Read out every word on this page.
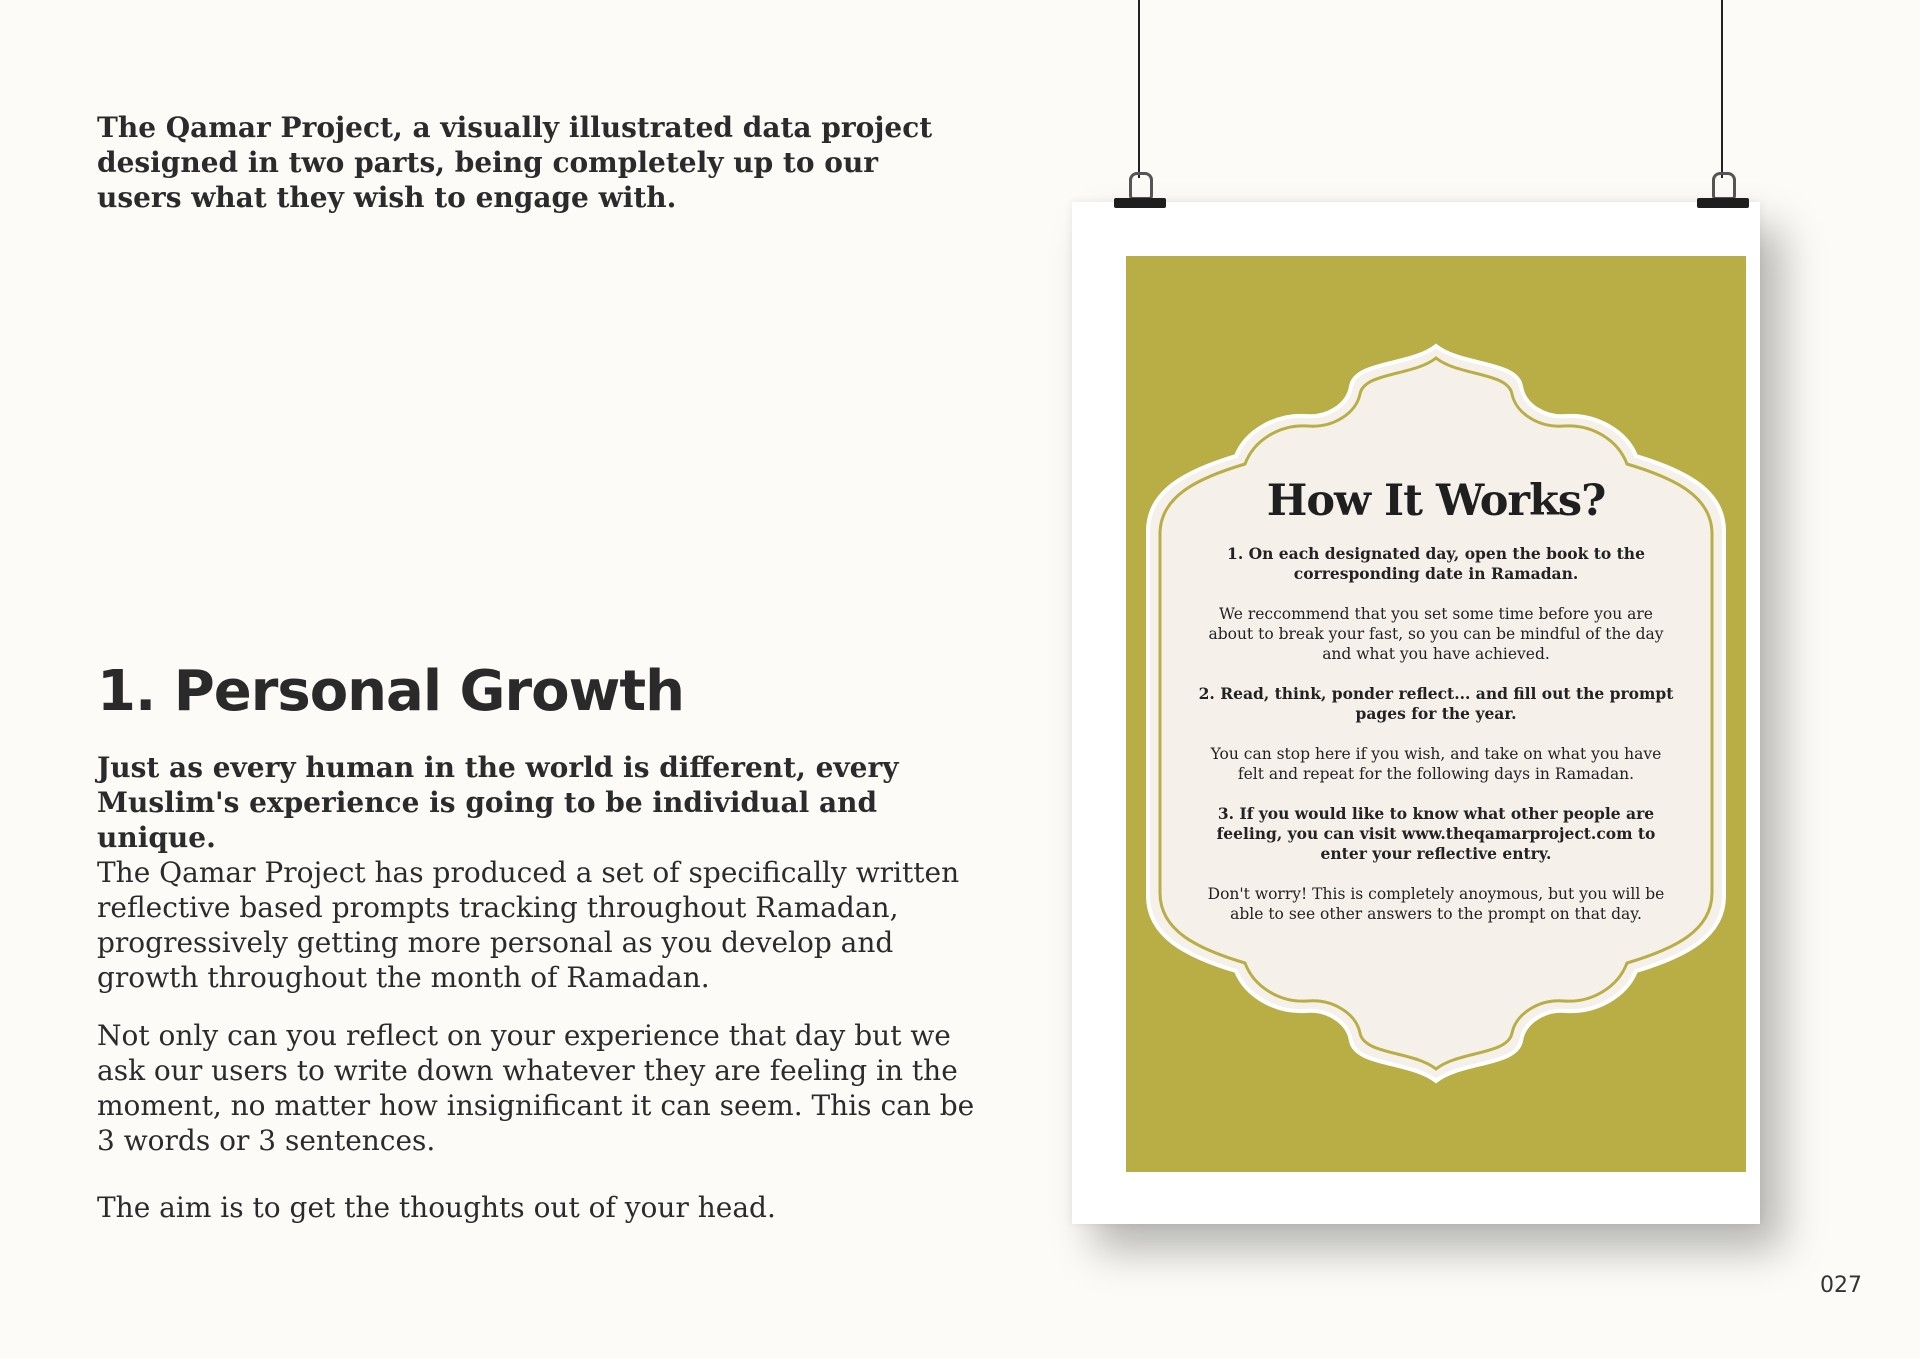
The Qamar Project, a visually illustrated data project designed in two parts, being completely up to our users what they wish to engage with.

1. Personal Growth

Just as every human in the world is different, every Muslim's experience is going to be individual and unique.

The Qamar Project has produced a set of specifically written reflective based prompts tracking throughout Ramadan, progressively getting more personal as you develop and growth throughout the month of Ramadan.

Not only can you reflect on your experience that day but we ask our users to write down whatever they are feeling in the moment, no matter how insignificant it can seem. This can be 3 words or 3 sentences.

The aim is to get the thoughts out of your head.

How It Works?

1. On each designated day, open the book to the corresponding date in Ramadan.

We reccommend that you set some time before you are about to break your fast, so you can be mindful of the day and what you have achieved.

2. Read, think, ponder reflect... and fill out the prompt pages for the year.

You can stop here if you wish, and take on what you have felt and repeat for the following days in Ramadan.

3. If you would like to know what other people are feeling, you can visit www.theqamarproject.com to enter your reflective entry.

Don't worry! This is completely anoymous, but you will be able to see other answers to the prompt on that day.

027
